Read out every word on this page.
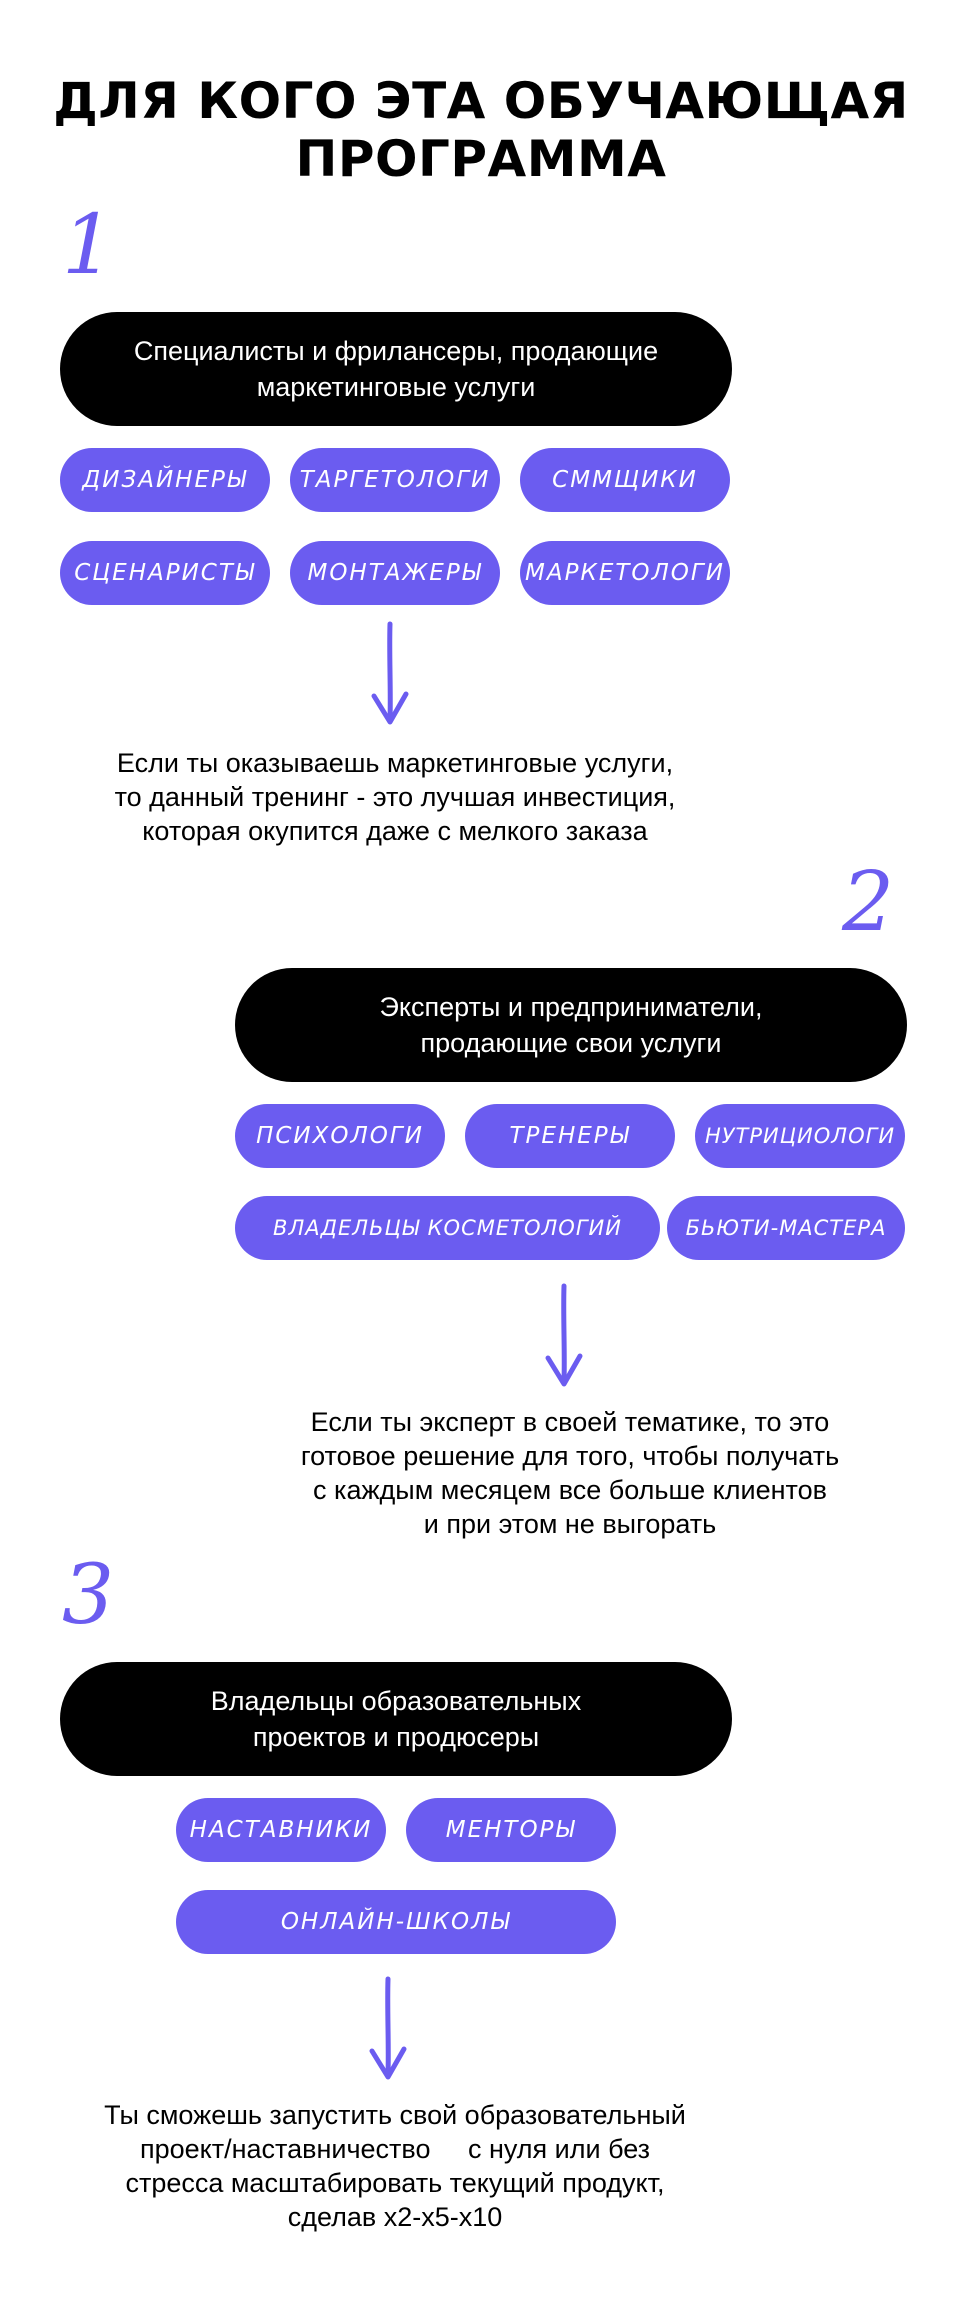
ДЛЯ КОГО ЭТА ОБУЧАЮЩАЯ
ПРОГРАММА
1
Специалисты и фрилансеры, продающие
маркетинговые услуги
ДИЗАЙНЕРЫ	ТАРГЕТОЛОГИ	СММЩИКИ
СЦЕНАРИСТЫ	МОНТАЖЕРЫ	МАРКЕТОЛОГИ
Если ты оказываешь маркетинговые услуги,
то данный тренинг - это лучшая инвестиция,
которая окупится даже с мелкого заказа
2
Эксперты и предприниматели,
продающие свои услуги
ПСИХОЛОГИ	ТРЕНЕРЫ	НУТРИЦИОЛОГИ
ВЛАДЕЛЬЦЫ КОСМЕТОЛОГИЙ	БЬЮТИ-МАСТЕРА
Если ты эксперт в своей тематике, то это
готовое решение для того, чтобы получать
с каждым месяцем все больше клиентов
и при этом не выгорать
3
Владельцы образовательных
проектов и продюсеры
НАСТАВНИКИ	МЕНТОРЫ
ОНЛАЙН-ШКОЛЫ
Ты сможешь запустить свой образовательный
проект/наставничество     с нуля или без
стресса масштабировать текущий продукт,
сделав х2-х5-х10
